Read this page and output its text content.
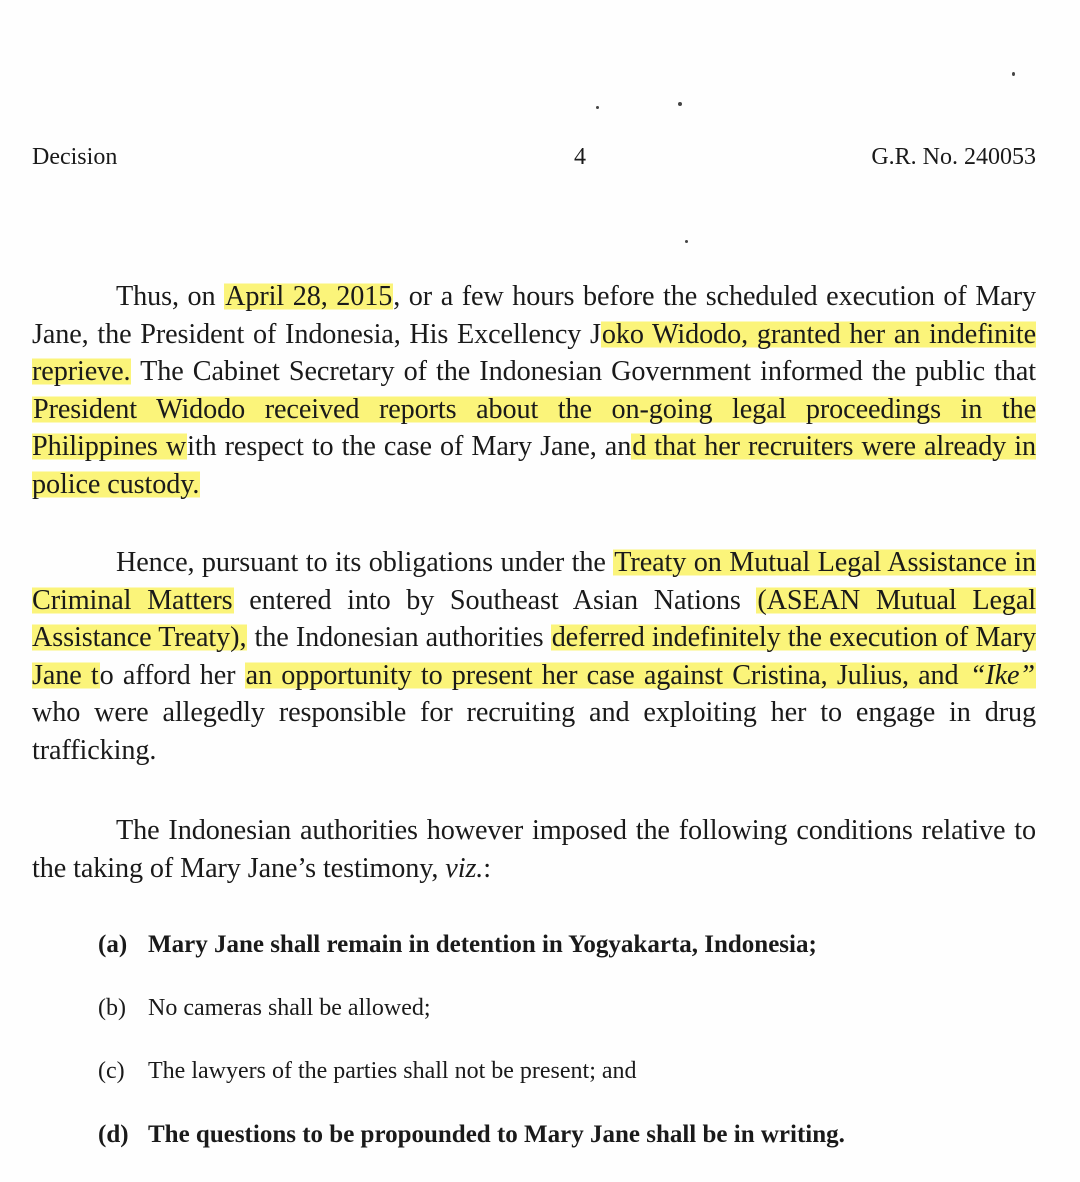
Decision	4	G.R. No. 240053

Thus, on April 28, 2015, or a few hours before the scheduled execution of Mary Jane, the President of Indonesia, His Excellency Joko Widodo, granted her an indefinite reprieve. The Cabinet Secretary of the Indonesian Government informed the public that President Widodo received reports about the on-going legal proceedings in the Philippines with respect to the case of Mary Jane, and that her recruiters were already in police custody.

Hence, pursuant to its obligations under the Treaty on Mutual Legal Assistance in Criminal Matters entered into by Southeast Asian Nations (ASEAN Mutual Legal Assistance Treaty), the Indonesian authorities deferred indefinitely the execution of Mary Jane to afford her an opportunity to present her case against Cristina, Julius, and “Ike” who were allegedly responsible for recruiting and exploiting her to engage in drug trafficking.

The Indonesian authorities however imposed the following conditions relative to the taking of Mary Jane’s testimony, viz.:

(a) Mary Jane shall remain in detention in Yogyakarta, Indonesia;
(b) No cameras shall be allowed;
(c) The lawyers of the parties shall not be present; and
(d) The questions to be propounded to Mary Jane shall be in writing.
